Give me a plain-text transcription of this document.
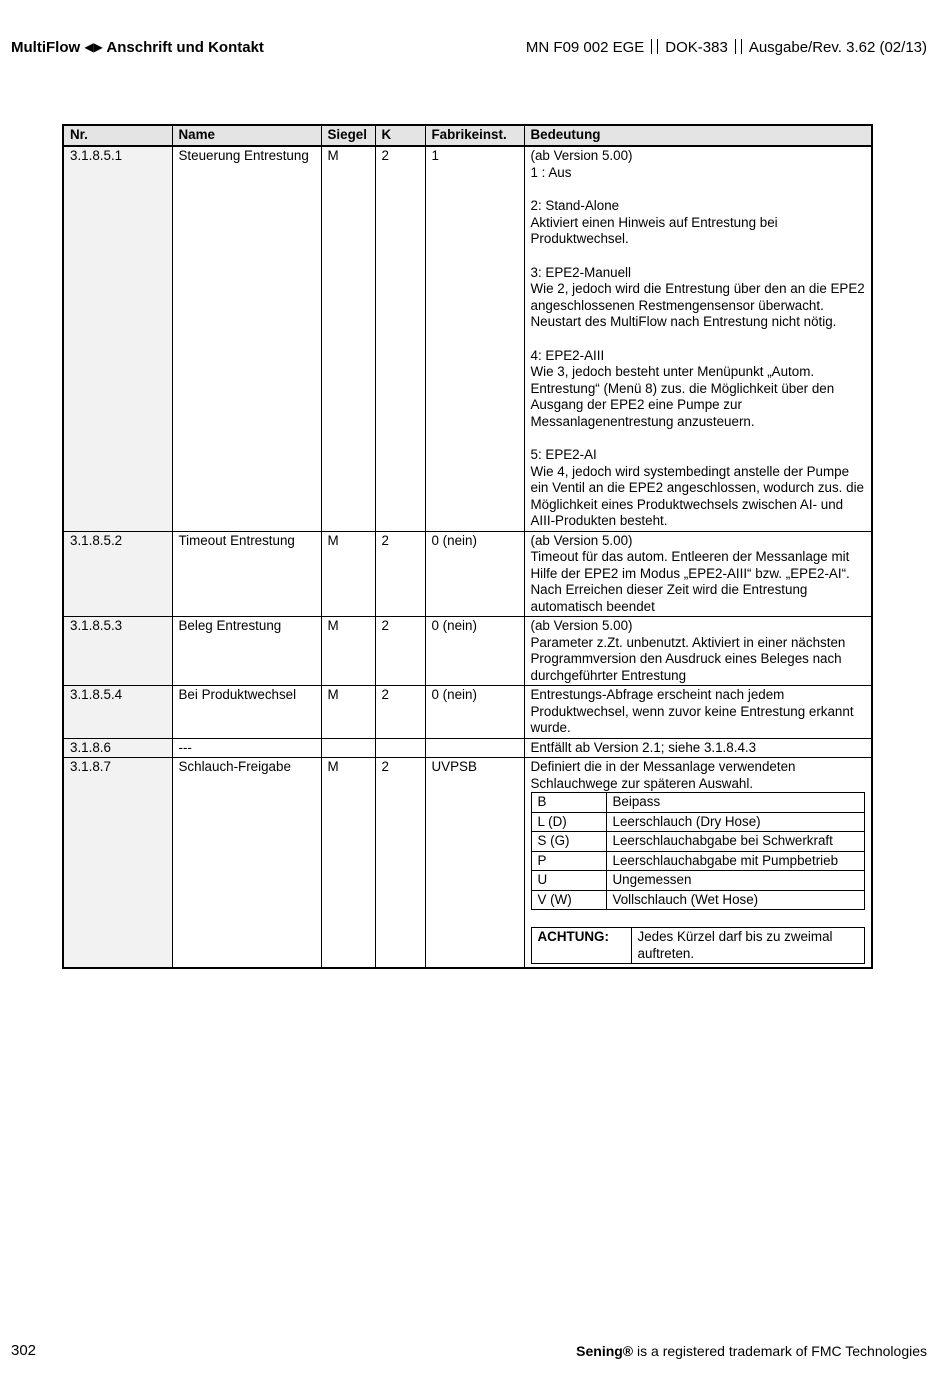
MultiFlow ◀▶ Anschrift und Kontakt	MN F09 002 EGE DOK-383 Ausgabe/Rev. 3.62 (02/13)
Nr.	Name	Siegel	K	Fabrikeinst.	Bedeutung
3.1.8.5.1	Steuerung Entrestung	M	2	1	(ab Version 5.00)
1 : Aus
2: Stand-Alone
Aktiviert einen Hinweis auf Entrestung bei Produktwechsel.
3: EPE2-Manuell
Wie 2, jedoch wird die Entrestung über den an die EPE2 angeschlossenen Restmengensensor überwacht. Neustart des MultiFlow nach Entrestung nicht nötig.
4: EPE2-AIII
Wie 3, jedoch besteht unter Menüpunkt „Autom. Entrestung“ (Menü 8) zus. die Möglichkeit über den Ausgang der EPE2 eine Pumpe zur Messanlagenentrestung anzusteuern.
5: EPE2-AI
Wie 4, jedoch wird systembedingt anstelle der Pumpe ein Ventil an die EPE2 angeschlossen, wodurch zus. die Möglichkeit eines Produktwechsels zwischen AI- und AIII-Produkten besteht.

3.1.8.5.2	Timeout Entrestung	M	2	0 (nein)	(ab Version 5.00)
Timeout für das autom. Entleeren der Messanlage mit Hilfe der EPE2 im Modus „EPE2-AIII“ bzw. „EPE2-AI“. Nach Erreichen dieser Zeit wird die Entrestung automatisch beendet

3.1.8.5.3	Beleg Entrestung	M	2	0 (nein)	(ab Version 5.00)
Parameter z.Zt. unbenutzt. Aktiviert in einer nächsten Programmversion den Ausdruck eines Beleges nach durchgeführter Entrestung

3.1.8.5.4	Bei Produktwechsel	M	2	0 (nein)	Entrestungs-Abfrage erscheint nach jedem Produktwechsel, wenn zuvor keine Entrestung erkannt wurde.

3.1.8.6	---				Entfällt ab Version 2.1; siehe 3.1.8.4.3

3.1.8.7	Schlauch-Freigabe	M	2	UVPSB	Definiert die in der Messanlage verwendeten Schlauchwege zur späteren Auswahl.
B	Beipass
L (D)	Leerschlauch (Dry Hose)
S (G)	Leerschlauchabgabe bei Schwerkraft
P	Leerschlauchabgabe mit Pumpbetrieb
U	Ungemessen
V (W)	Vollschlauch (Wet Hose)
ACHTUNG:	Jedes Kürzel darf bis zu zweimal auftreten.
302	Sening® is a registered trademark of FMC Technologies
